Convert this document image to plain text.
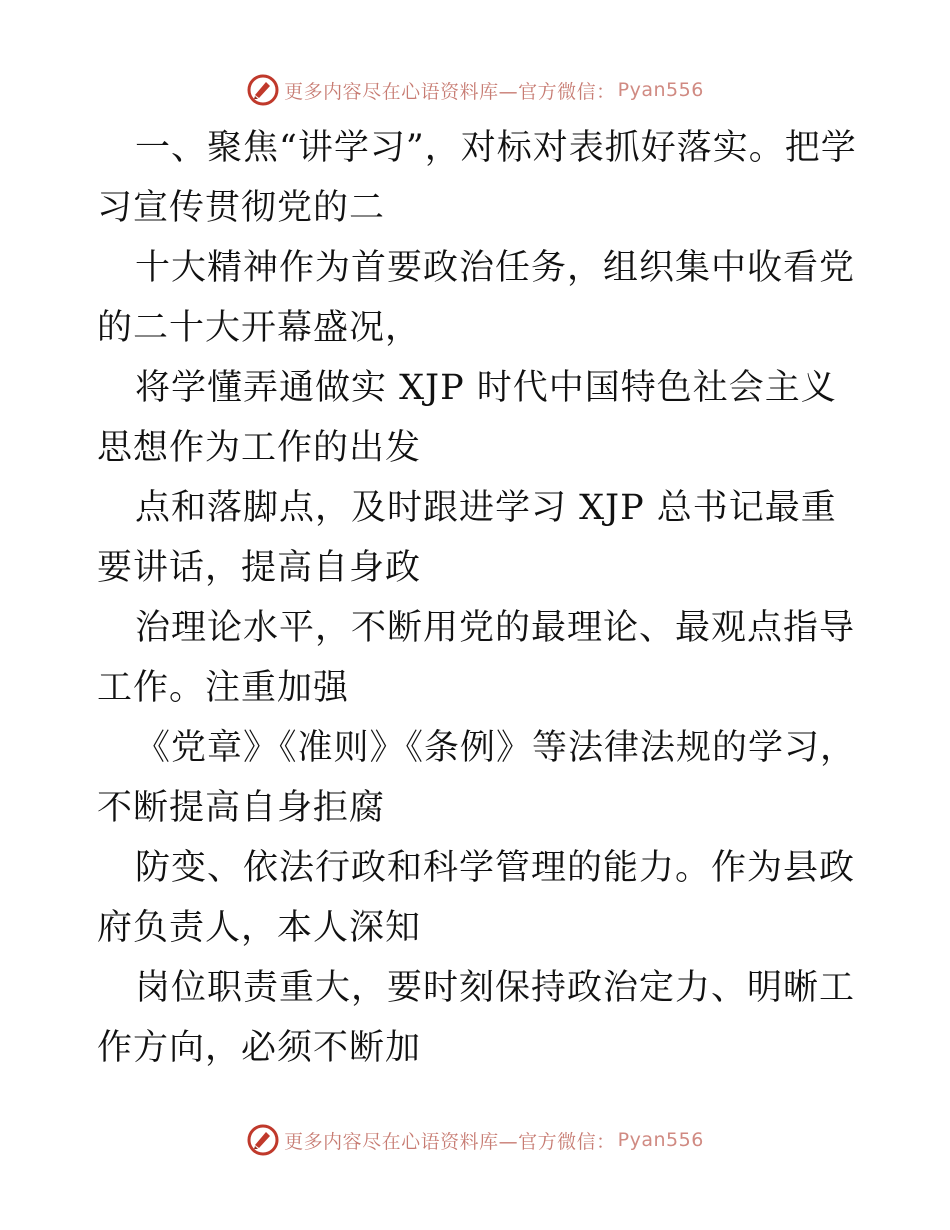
更多内容尽在心语资料库—官方微信： Pyan556

一、聚焦“讲学习”，对标对表抓好落实。把学习宣传贯彻党的二

十大精神作为首要政治任务，组织集中收看党的二十大开幕盛况，

将学懂弄通做实 XJP 时代中国特色社会主义思想作为工作的出发

点和落脚点，及时跟进学习 XJP 总书记最重要讲话，提高自身政

治理论水平，不断用党的最理论、最观点指导工作。注重加强

《党章》《准则》《条例》等法律法规的学习，不断提高自身拒腐

防变、依法行政和科学管理的能力。作为县政府负责人，本人深知

岗位职责重大，要时刻保持政治定力、明晰工作方向，必须不断加

更多内容尽在心语资料库—官方微信： Pyan556
